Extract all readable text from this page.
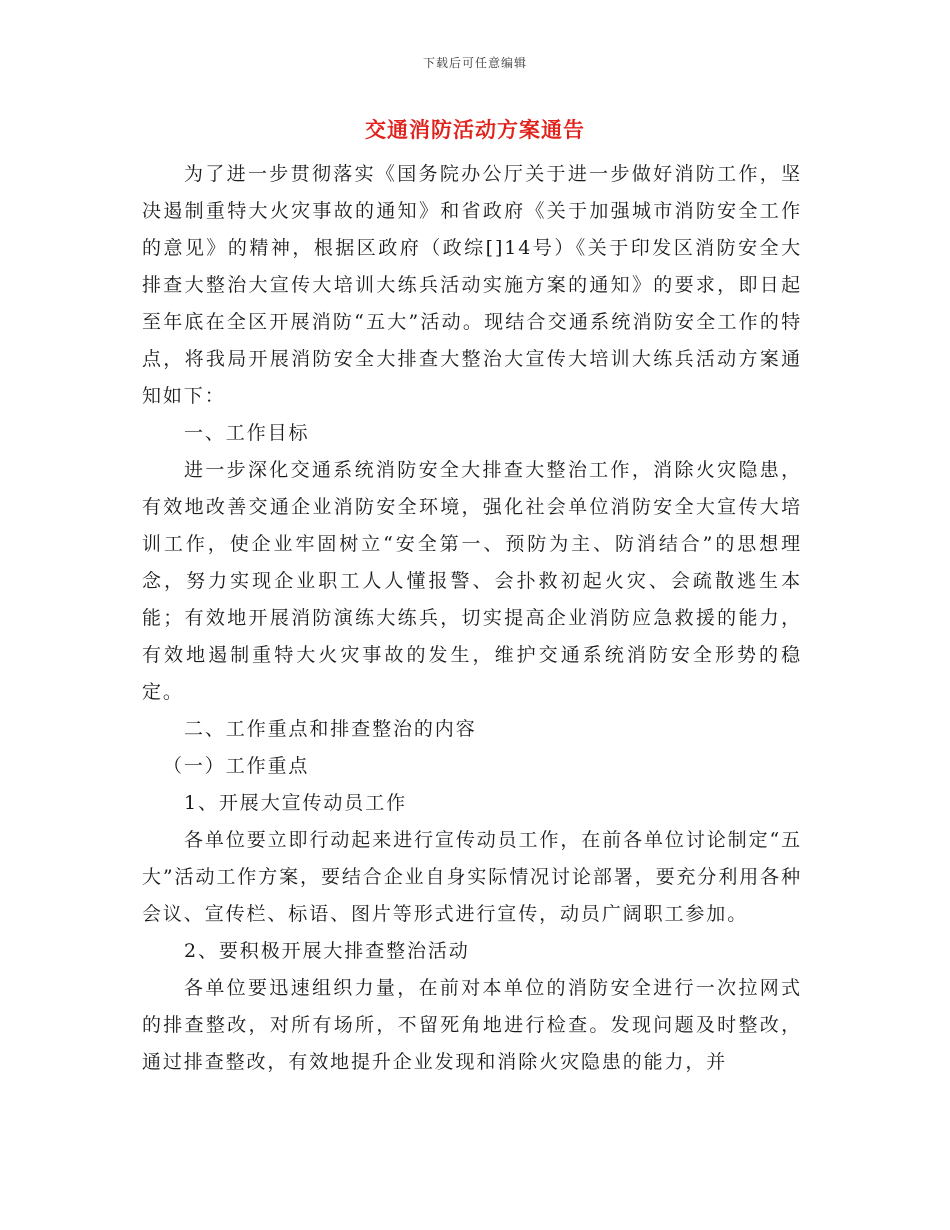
下载后可任意编辑
交通消防活动方案通告

为了进一步贯彻落实《国务院办公厅关于进一步做好消防工作，坚决遏制重特大火灾事故的通知》和省政府《关于加强城市消防安全工作的意见》的精神，根据区政府（政综[]14号）《关于印发区消防安全大排查大整治大宣传大培训大练兵活动实施方案的通知》的要求，即日起至年底在全区开展消防“五大”活动。现结合交通系统消防安全工作的特点，将我局开展消防安全大排查大整治大宣传大培训大练兵活动方案通知如下：

一、工作目标

进一步深化交通系统消防安全大排查大整治工作，消除火灾隐患，有效地改善交通企业消防安全环境，强化社会单位消防安全大宣传大培训工作，使企业牢固树立“安全第一、预防为主、防消结合”的思想理念，努力实现企业职工人人懂报警、会扑救初起火灾、会疏散逃生本能；有效地开展消防演练大练兵，切实提高企业消防应急救援的能力，有效地遏制重特大火灾事故的发生，维护交通系统消防安全形势的稳定。

二、工作重点和排查整治的内容

（一）工作重点

1、开展大宣传动员工作

各单位要立即行动起来进行宣传动员工作，在前各单位讨论制定“五大”活动工作方案，要结合企业自身实际情况讨论部署，要充分利用各种会议、宣传栏、标语、图片等形式进行宣传，动员广阔职工参加。

2、要积极开展大排查整治活动

各单位要迅速组织力量，在前对本单位的消防安全进行一次拉网式的排查整改，对所有场所，不留死角地进行检查。发现问题及时整改，通过排查整改，有效地提升企业发现和消除火灾隐患的能力，并
